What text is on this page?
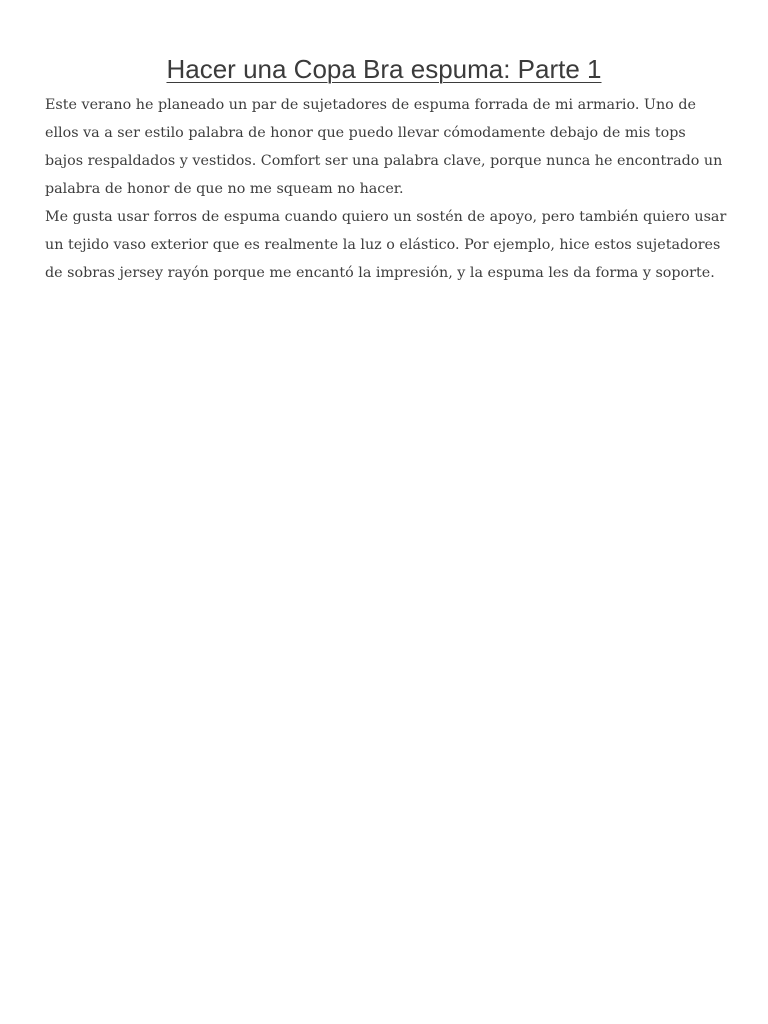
Hacer una Copa Bra espuma: Parte 1

Este verano he planeado un par de sujetadores de espuma forrada de mi armario. Uno de ellos va a ser estilo palabra de honor que puedo llevar cómodamente debajo de mis tops bajos respaldados y vestidos. Comfort ser una palabra clave, porque nunca he encontrado un palabra de honor de que no me squeam no hacer.

Me gusta usar forros de espuma cuando quiero un sostén de apoyo, pero también quiero usar un tejido vaso exterior que es realmente la luz o elástico. Por ejemplo, hice estos sujetadores de sobras jersey rayón porque me encantó la impresión, y la espuma les da forma y soporte.
